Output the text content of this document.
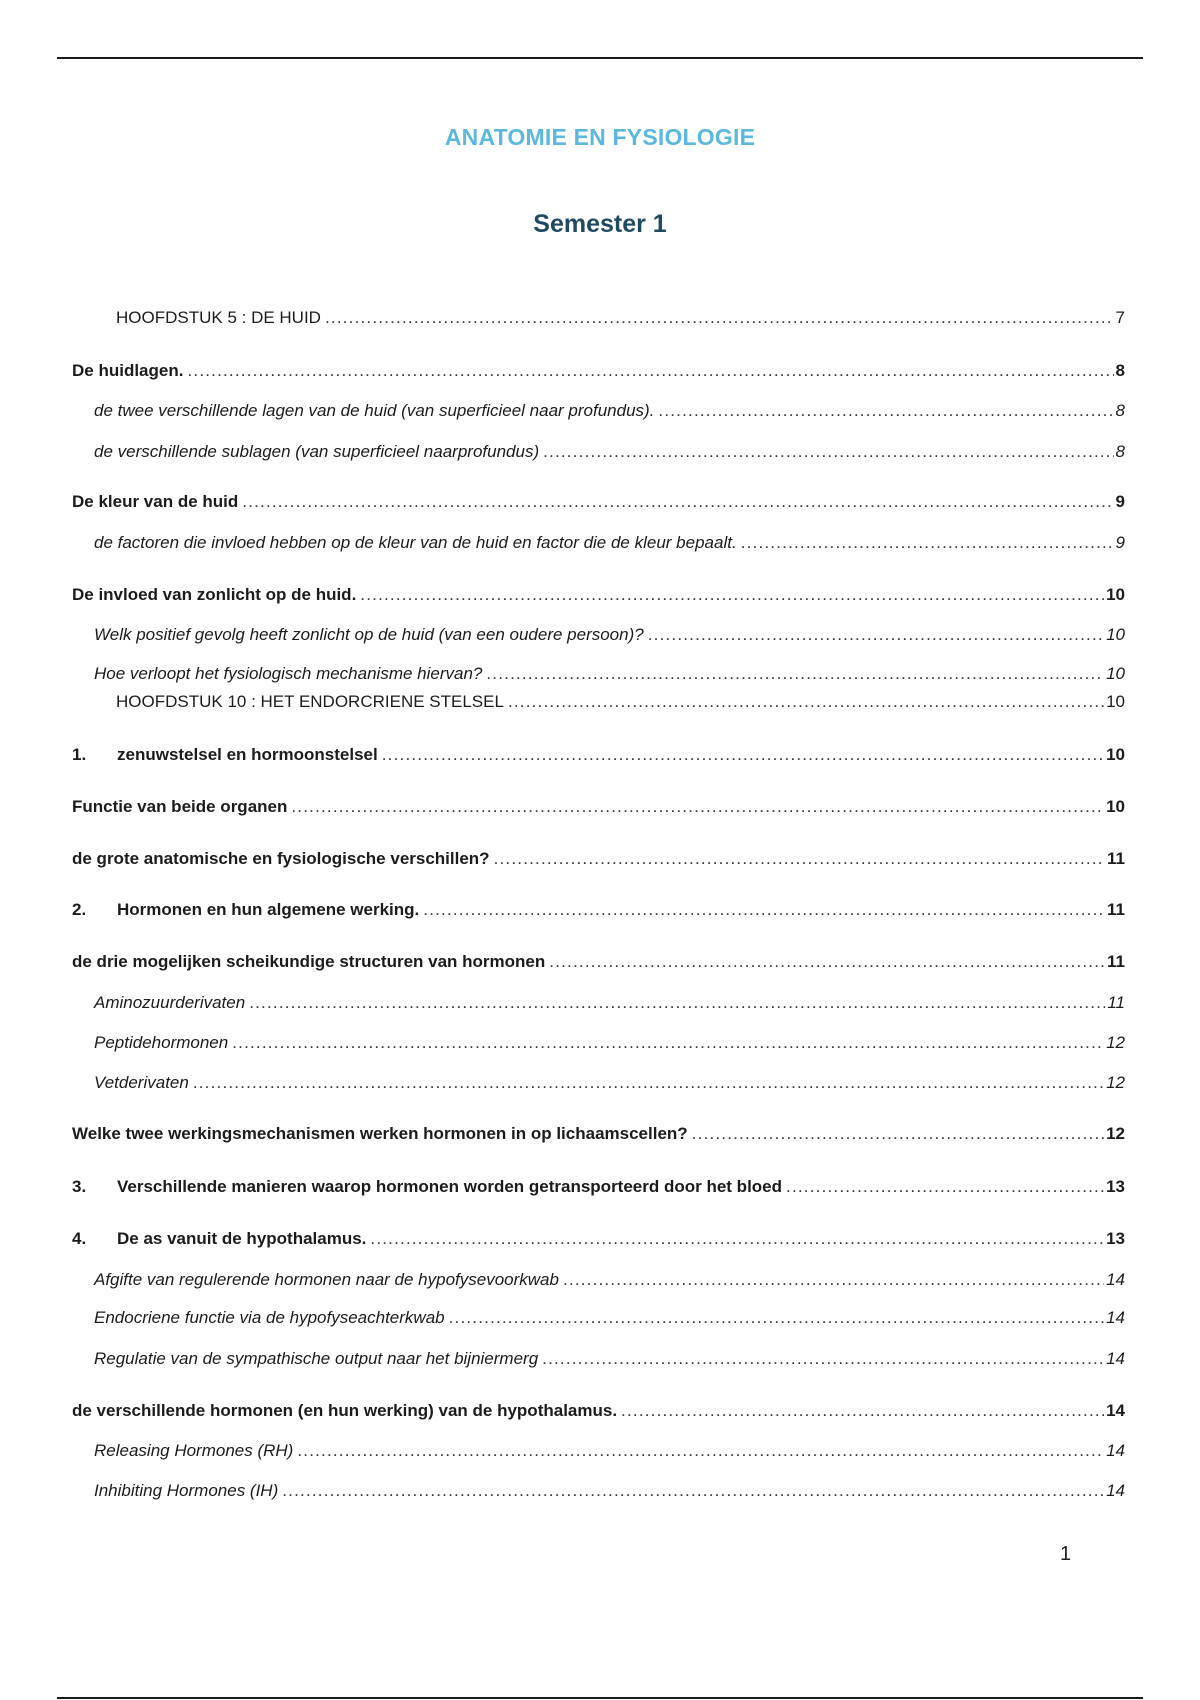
ANATOMIE EN FYSIOLOGIE
Semester 1
HOOFDSTUK 5 : DE HUID .....	7
De huidlagen. .....	8
de twee verschillende lagen van de huid (van superficieel naar profundus). .....	8
de verschillende sublagen (van superficieel naarprofundus) .....	8
De kleur van de huid .....	9
de factoren die invloed hebben op de kleur van de huid en factor die de kleur bepaalt. .....	9
De invloed van zonlicht op de huid. .....	10
Welk positief gevolg heeft zonlicht op de huid (van een oudere persoon)? .....	10
Hoe verloopt het fysiologisch mechanisme hiervan? .....	10
HOOFDSTUK 10 : HET ENDORCRIENE STELSEL .....	10
1.	zenuwstelsel en hormoonstelsel .....	10
Functie van beide organen .....	10
de grote anatomische en fysiologische verschillen? .....	11
2.	Hormonen en hun algemene werking. .....	11
de drie mogelijken scheikundige structuren van hormonen .....	11
Aminozuurderivaten .....	11
Peptidehormonen .....	12
Vetderivaten .....	12
Welke twee werkingsmechanismen werken hormonen in op lichaamscellen? .....	12
3.	Verschillende manieren waarop hormonen worden getransporteerd door het bloed .....	13
4.	De as vanuit de hypothalamus. .....	13
Afgifte van regulerende hormonen naar de hypofysevoorkwab .....	14
Endocriene functie via de hypofyseachterkwab .....	14
Regulatie van de sympathische output naar het bijniermerg .....	14
de verschillende hormonen (en hun werking) van de hypothalamus. .....	14
Releasing Hormones (RH) .....	14
Inhibiting Hormones (IH) .....	14
1
